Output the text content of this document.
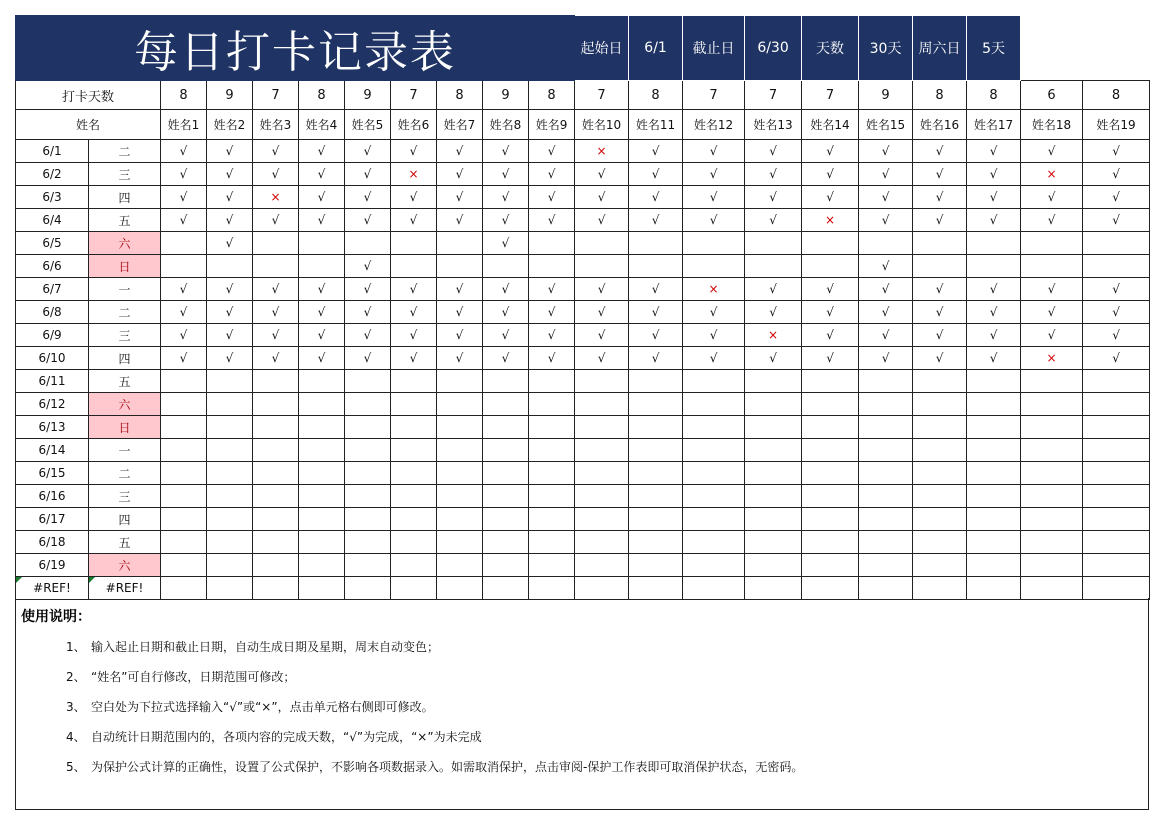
每日打卡记录表											起始日	6/1	截止日	6/30	天数	30天	周六日	5天		
打卡天数		8	9	7	8	9	7	8	9	8	7	8	7	7	7	9	8	8	6	8
姓名		姓名1	姓名2	姓名3	姓名4	姓名5	姓名6	姓名7	姓名8	姓名9	姓名10	姓名11	姓名12	姓名13	姓名14	姓名15	姓名16	姓名17	姓名18	姓名19
6/1	二	√	√	√	√	√	√	√	√	√	×	√	√	√	√	√	√	√	√	√
6/2	三	√	√	√	√	√	×	√	√	√	√	√	√	√	√	√	√	√	×	√
6/3	四	√	√	×	√	√	√	√	√	√	√	√	√	√	√	√	√	√	√	√
6/4	五	√	√	√	√	√	√	√	√	√	√	√	√	√	×	√	√	√	√	√
6/5	六		√						√											
6/6	日					√										√				
6/7	一	√	√	√	√	√	√	√	√	√	√	√	×	√	√	√	√	√	√	√
6/8	二	√	√	√	√	√	√	√	√	√	√	√	√	√	√	√	√	√	√	√
6/9	三	√	√	√	√	√	√	√	√	√	√	√	√	×	√	√	√	√	√	√
6/10	四	√	√	√	√	√	√	√	√	√	√	√	√	√	√	√	√	√	×	√
6/11	五																			
6/12	六																			
6/13	日																			
6/14	一																			
6/15	二																			
6/16	三																			
6/17	四																			
6/18	五																			
6/19	六																			

#REF!	#REF!																			
使用说明：
1、 输入起止日期和截止日期，自动生成日期及星期，周末自动变色；
2、 “姓名”可自行修改，日期范围可修改；
3、 空白处为下拉式选择输入“√”或“×”，点击单元格右侧即可修改。
4、 自动统计日期范围内的，各项内容的完成天数，“√”为完成，“×”为未完成
5、 为保护公式计算的正确性，设置了公式保护，不影响各项数据录入。如需取消保护，点击审阅-保护工作表即可取消保护状态，无密码。
